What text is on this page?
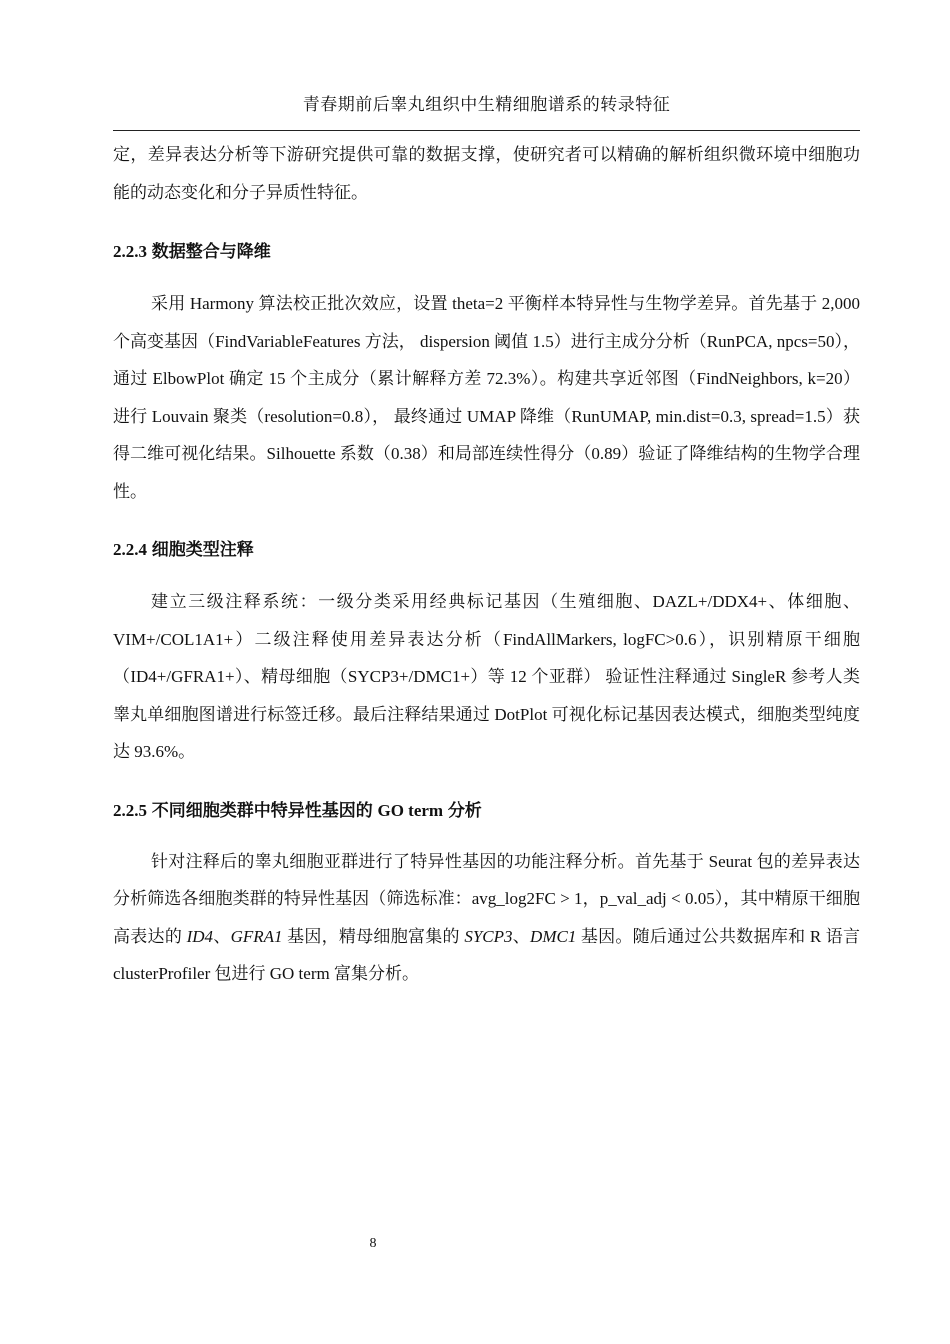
青春期前后睾丸组织中生精细胞谱系的转录特征

定，差异表达分析等下游研究提供可靠的数据支撑，使研究者可以精确的解析组织微环境中细胞功能的动态变化和分子异质性特征。

2.2.3 数据整合与降维

采用 Harmony 算法校正批次效应，设置 theta=2 平衡样本特异性与生物学差异。首先基于 2,000 个高变基因（FindVariableFeatures 方法， dispersion 阈值 1.5）进行主成分分析（RunPCA, npcs=50），通过 ElbowPlot 确定 15 个主成分（累计解释方差 72.3%）。构建共享近邻图（FindNeighbors, k=20）进行 Louvain 聚类（resolution=0.8）， 最终通过 UMAP 降维（RunUMAP, min.dist=0.3, spread=1.5）获得二维可视化结果。Silhouette 系数（0.38）和局部连续性得分（0.89）验证了降维结构的生物学合理性。

2.2.4 细胞类型注释

建立三级注释系统：一级分类采用经典标记基因（生殖细胞、DAZL+/DDX4+、体细胞、VIM+/COL1A1+）二级注释使用差异表达分析（FindAllMarkers, logFC>0.6），识别精原干细胞（ID4+/GFRA1+）、精母细胞（SYCP3+/DMC1+）等 12 个亚群） 验证性注释通过 SingleR 参考人类睾丸单细胞图谱进行标签迁移。最后注释结果通过 DotPlot 可视化标记基因表达模式，细胞类型纯度达 93.6%。

2.2.5 不同细胞类群中特异性基因的 GO term 分析

针对注释后的睾丸细胞亚群进行了特异性基因的功能注释分析。首先基于 Seurat 包的差异表达分析筛选各细胞类群的特异性基因（筛选标准：avg_log2FC > 1，p_val_adj < 0.05），其中精原干细胞高表达的 ID4、GFRA1 基因，精母细胞富集的 SYCP3、DMC1 基因。随后通过公共数据库和 R 语言 clusterProfiler 包进行 GO term 富集分析。

8
